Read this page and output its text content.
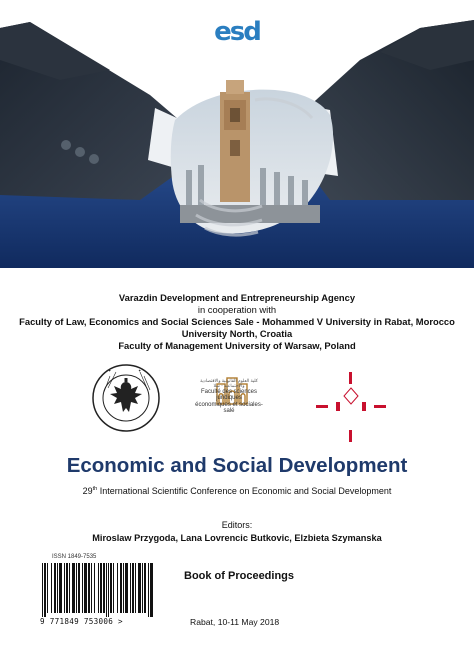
esd
Varazdin Development and Entrepreneurship Agency
in cooperation with
Faculty of Law, Economics and Social Sciences Sale - Mohammed V University in Rabat, Morocco
University North, Croatia
Faculty of Management University of Warsaw, Poland
✦	✦
كلية العلوم القانونية والاقتصادية والاجتماعية - سلا
Faculté des sciences juridiques
économiques et sociales-salé
Economic and Social Development
29th International Scientific Conference on Economic and Social Development
Editors:
Miroslaw Przygoda, Lana Lovrencic Butkovic, Elzbieta Szymanska
ISSN 1849-7535
9 771849 753006 >
Book of Proceedings
Rabat, 10-11 May 2018
